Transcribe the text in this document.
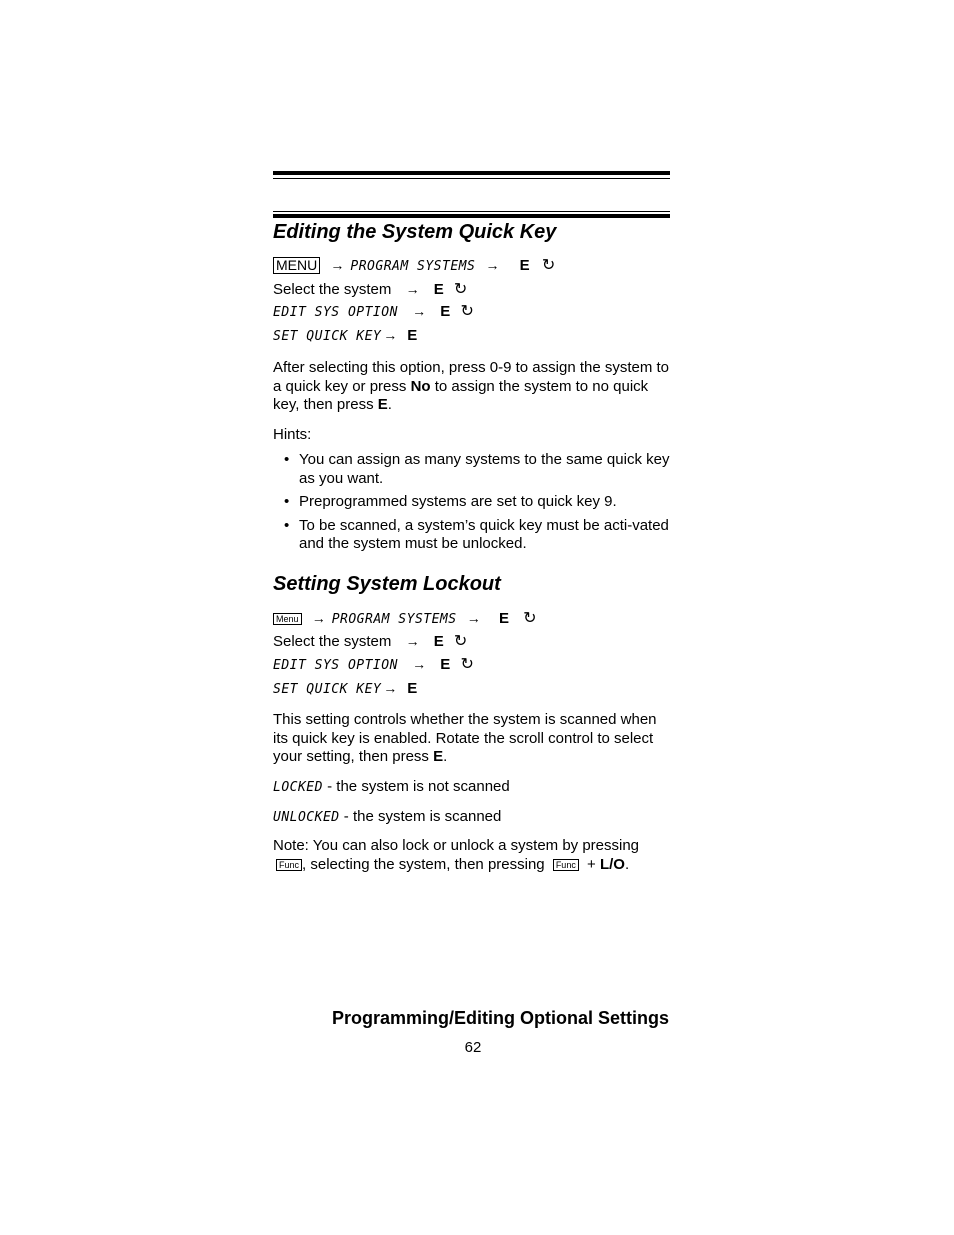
Editing the System Quick Key
MENU → PROGRAM SYSTEMS → E ↻
Select the system → E ↻
EDIT SYS OPTION → E ↻
SET QUICK KEY → E
After selecting this option, press 0-9 to assign the system to a quick key or press No to assign the system to no quick key, then press E.
Hints:
• You can assign as many systems to the same quick key as you want.
• Preprogrammed systems are set to quick key 9.
• To be scanned, a system’s quick key must be acti-vated and the system must be unlocked.
Setting System Lockout
Menu → PROGRAM SYSTEMS → E ↻
Select the system → E ↻
EDIT SYS OPTION → E ↻
SET QUICK KEY → E
This setting controls whether the system is scanned when its quick key is enabled. Rotate the scroll control to select your setting, then press E.
LOCKED - the system is not scanned
UNLOCKED - the system is scanned
Note: You can also lock or unlock a system by pressing
Func , selecting the system, then pressing Func + L/O.
Programming/Editing Optional Settings
62
